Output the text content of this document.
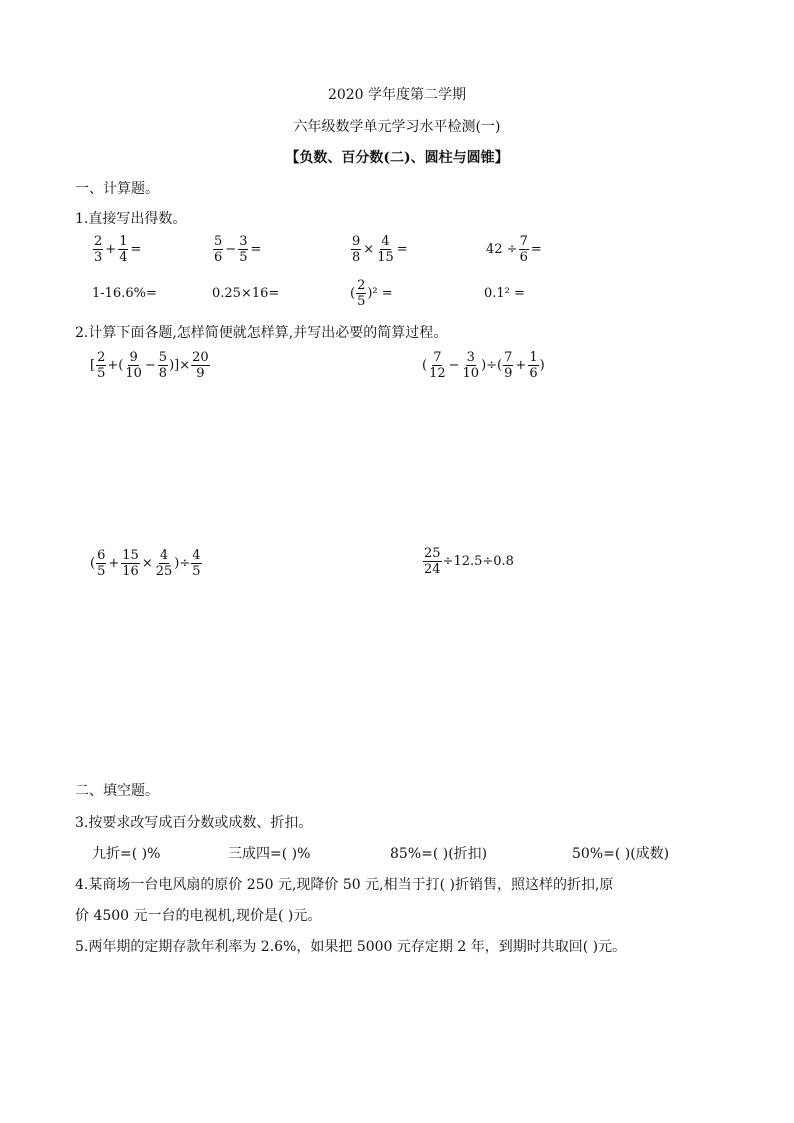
2020 学年度第二学期
六年级数学单元学习水平检测(一)
【负数、百分数(二)、圆柱与圆锥】
一、计算题。
1.直接写出得数。
$\frac{2}{3} + \frac{1}{4}$ =	$\frac{5}{6} - \frac{3}{5}$ =	$\frac{9}{8} \times \frac{4}{15}$ =	$42 \div \frac{7}{6}$ =
1-16.6%=	0.25×16=	( $\frac{2}{5} )^2$ =	0.1² =
2.计算下面各题,怎样简便就怎样算,并写出必要的简算过程。
[ $\frac{2}{5}$ +( $\frac{9}{10} - \frac{5}{8}$ )]× $\frac{20}{9}$	( $\frac{7}{12} - \frac{3}{10}$ )÷( $\frac{7}{9} + \frac{1}{6}$ )
( $\frac{6}{5} + \frac{15}{16} \times \frac{4}{25}$ )÷ $\frac{4}{5}$	$\frac{25}{24} \div 12.5\div 0.8$
二、填空题。
3.按要求改写成百分数或成数、折扣。
九折=( )%	三成四=( )%	85%=( )(折扣)	50%=( )(成数)
4.某商场一台电风扇的原价 250 元,现降价 50 元,相当于打( )折销售，照这样的折扣,原
价 4500 元一台的电视机,现价是( )元。
5.两年期的定期存款年利率为 2.6%，如果把 5000 元存定期 2 年，到期时共取回( )元。
